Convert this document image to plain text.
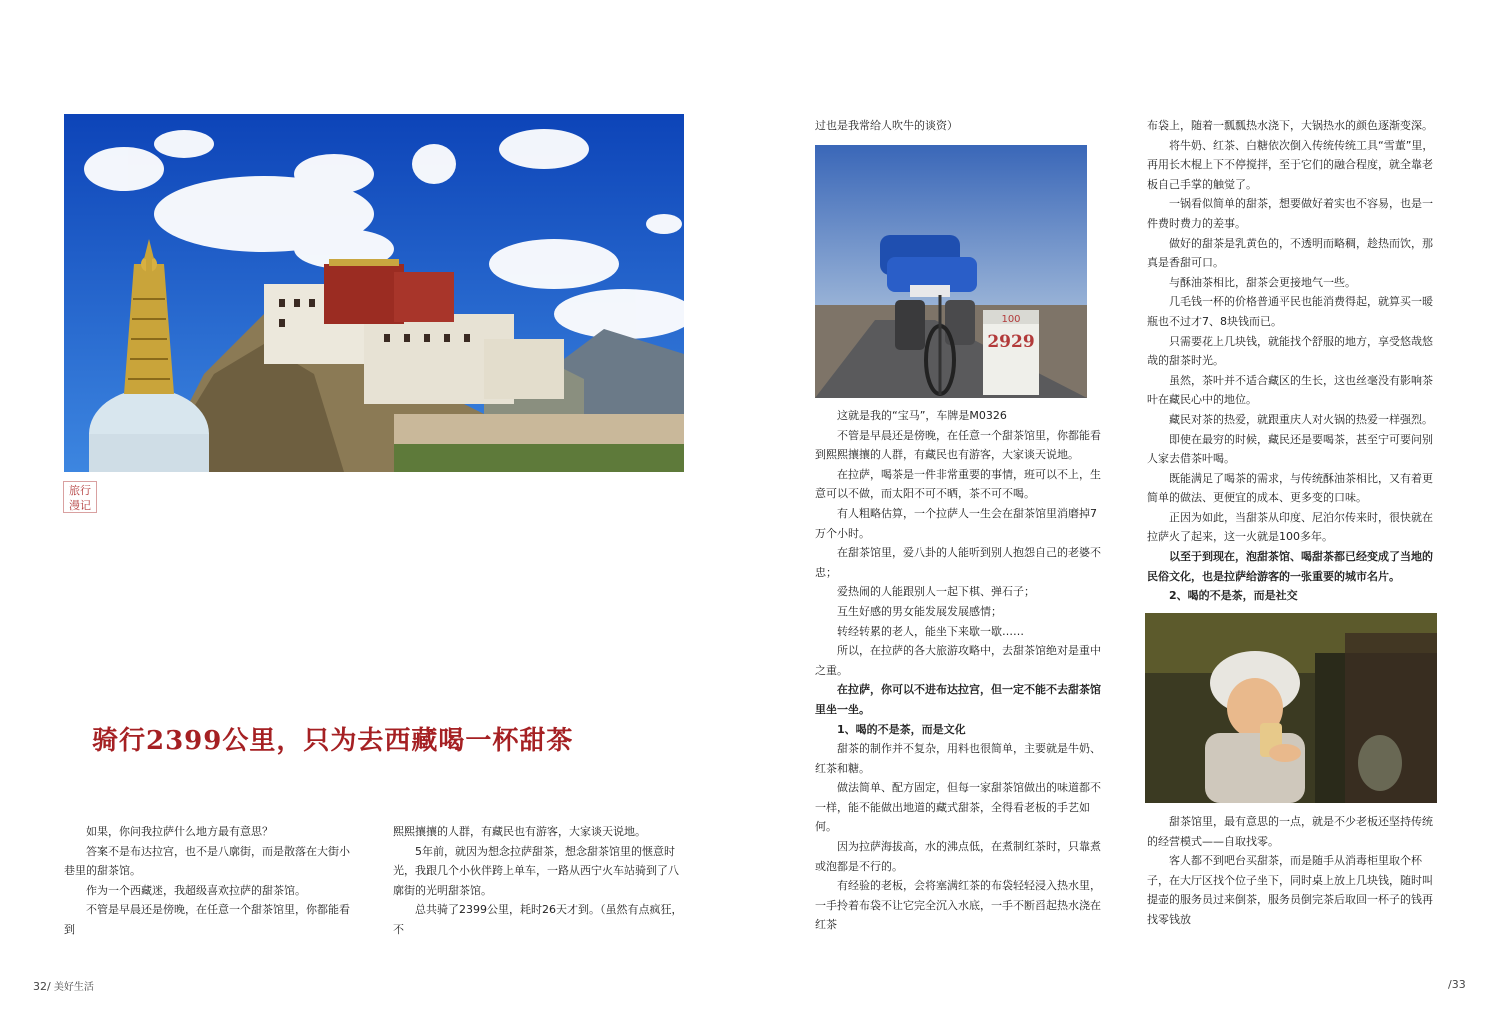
旅行
漫记
骑行2399公里，只为去西藏喝一杯甜茶

如果，你问我拉萨什么地方最有意思？

答案不是布达拉宫，也不是八廓街，而是散落在大街小巷里的甜茶馆。

作为一个西藏迷，我超级喜欢拉萨的甜茶馆。

不管是早晨还是傍晚，在任意一个甜茶馆里，你都能看到

熙熙攘攘的人群，有藏民也有游客，大家谈天说地。

5年前，就因为想念拉萨甜茶，想念甜茶馆里的惬意时光，我跟几个小伙伴跨上单车，一路从西宁火车站骑到了八廓街的光明甜茶馆。

总共骑了2399公里，耗时26天才到。（虽然有点疯狂，不

过也是我常给人吹牛的谈资）

100
2929

这就是我的“宝马”，车牌是M0326

不管是早晨还是傍晚，在任意一个甜茶馆里，你都能看到熙熙攘攘的人群，有藏民也有游客，大家谈天说地。

在拉萨，喝茶是一件非常重要的事情，班可以不上，生意可以不做，而太阳不可不晒，茶不可不喝。

有人粗略估算，一个拉萨人一生会在甜茶馆里消磨掉7万个小时。

在甜茶馆里，爱八卦的人能听到别人抱怨自己的老婆不忠；

爱热闹的人能跟别人一起下棋、弹石子；

互生好感的男女能发展发展感情；

转经转累的老人，能坐下来歇一歇……

所以，在拉萨的各大旅游攻略中，去甜茶馆绝对是重中之重。

在拉萨，你可以不进布达拉宫，但一定不能不去甜茶馆里坐一坐。

1、喝的不是茶，而是文化

甜茶的制作并不复杂，用料也很简单，主要就是牛奶、红茶和糖。

做法简单、配方固定，但每一家甜茶馆做出的味道都不一样，能不能做出地道的藏式甜茶，全得看老板的手艺如何。

因为拉萨海拔高，水的沸点低，在煮制红茶时，只靠煮或泡都是不行的。

有经验的老板，会将塞满红茶的布袋轻轻浸入热水里，一手拎着布袋不让它完全沉入水底，一手不断舀起热水浇在红茶

布袋上，随着一瓢瓢热水浇下，大锅热水的颜色逐渐变深。

将牛奶、红茶、白糖依次倒入传统传统工具“雪董”里，再用长木棍上下不停搅拌，至于它们的融合程度，就全靠老板自己手掌的触觉了。

一锅看似简单的甜茶，想要做好着实也不容易，也是一件费时费力的差事。

做好的甜茶是乳黄色的，不透明而略稠，趁热而饮，那真是香甜可口。

与酥油茶相比，甜茶会更接地气一些。

几毛钱一杯的价格普通平民也能消费得起，就算买一暖瓶也不过才7、8块钱而已。

只需要花上几块钱，就能找个舒服的地方，享受悠哉悠哉的甜茶时光。

虽然，茶叶并不适合藏区的生长，这也丝毫没有影响茶叶在藏民心中的地位。

藏民对茶的热爱，就跟重庆人对火锅的热爱一样强烈。

即使在最穷的时候，藏民还是要喝茶，甚至宁可要问别人家去借茶叶喝。

既能满足了喝茶的需求，与传统酥油茶相比，又有着更简单的做法、更便宜的成本、更多变的口味。

正因为如此，当甜茶从印度、尼泊尔传来时，很快就在拉萨火了起来，这一火就是100多年。

以至于到现在，泡甜茶馆、喝甜茶都已经变成了当地的民俗文化，也是拉萨给游客的一张重要的城市名片。

2、喝的不是茶，而是社交

甜茶馆里，最有意思的一点，就是不少老板还坚持传统的经营模式——自取找零。

客人都不到吧台买甜茶，而是随手从消毒柜里取个杯子，在大厅区找个位子坐下，同时桌上放上几块钱，随时叫提壶的服务员过来倒茶，服务员倒完茶后取回一杯子的钱再找零钱放

32/ 美好生活	/33
